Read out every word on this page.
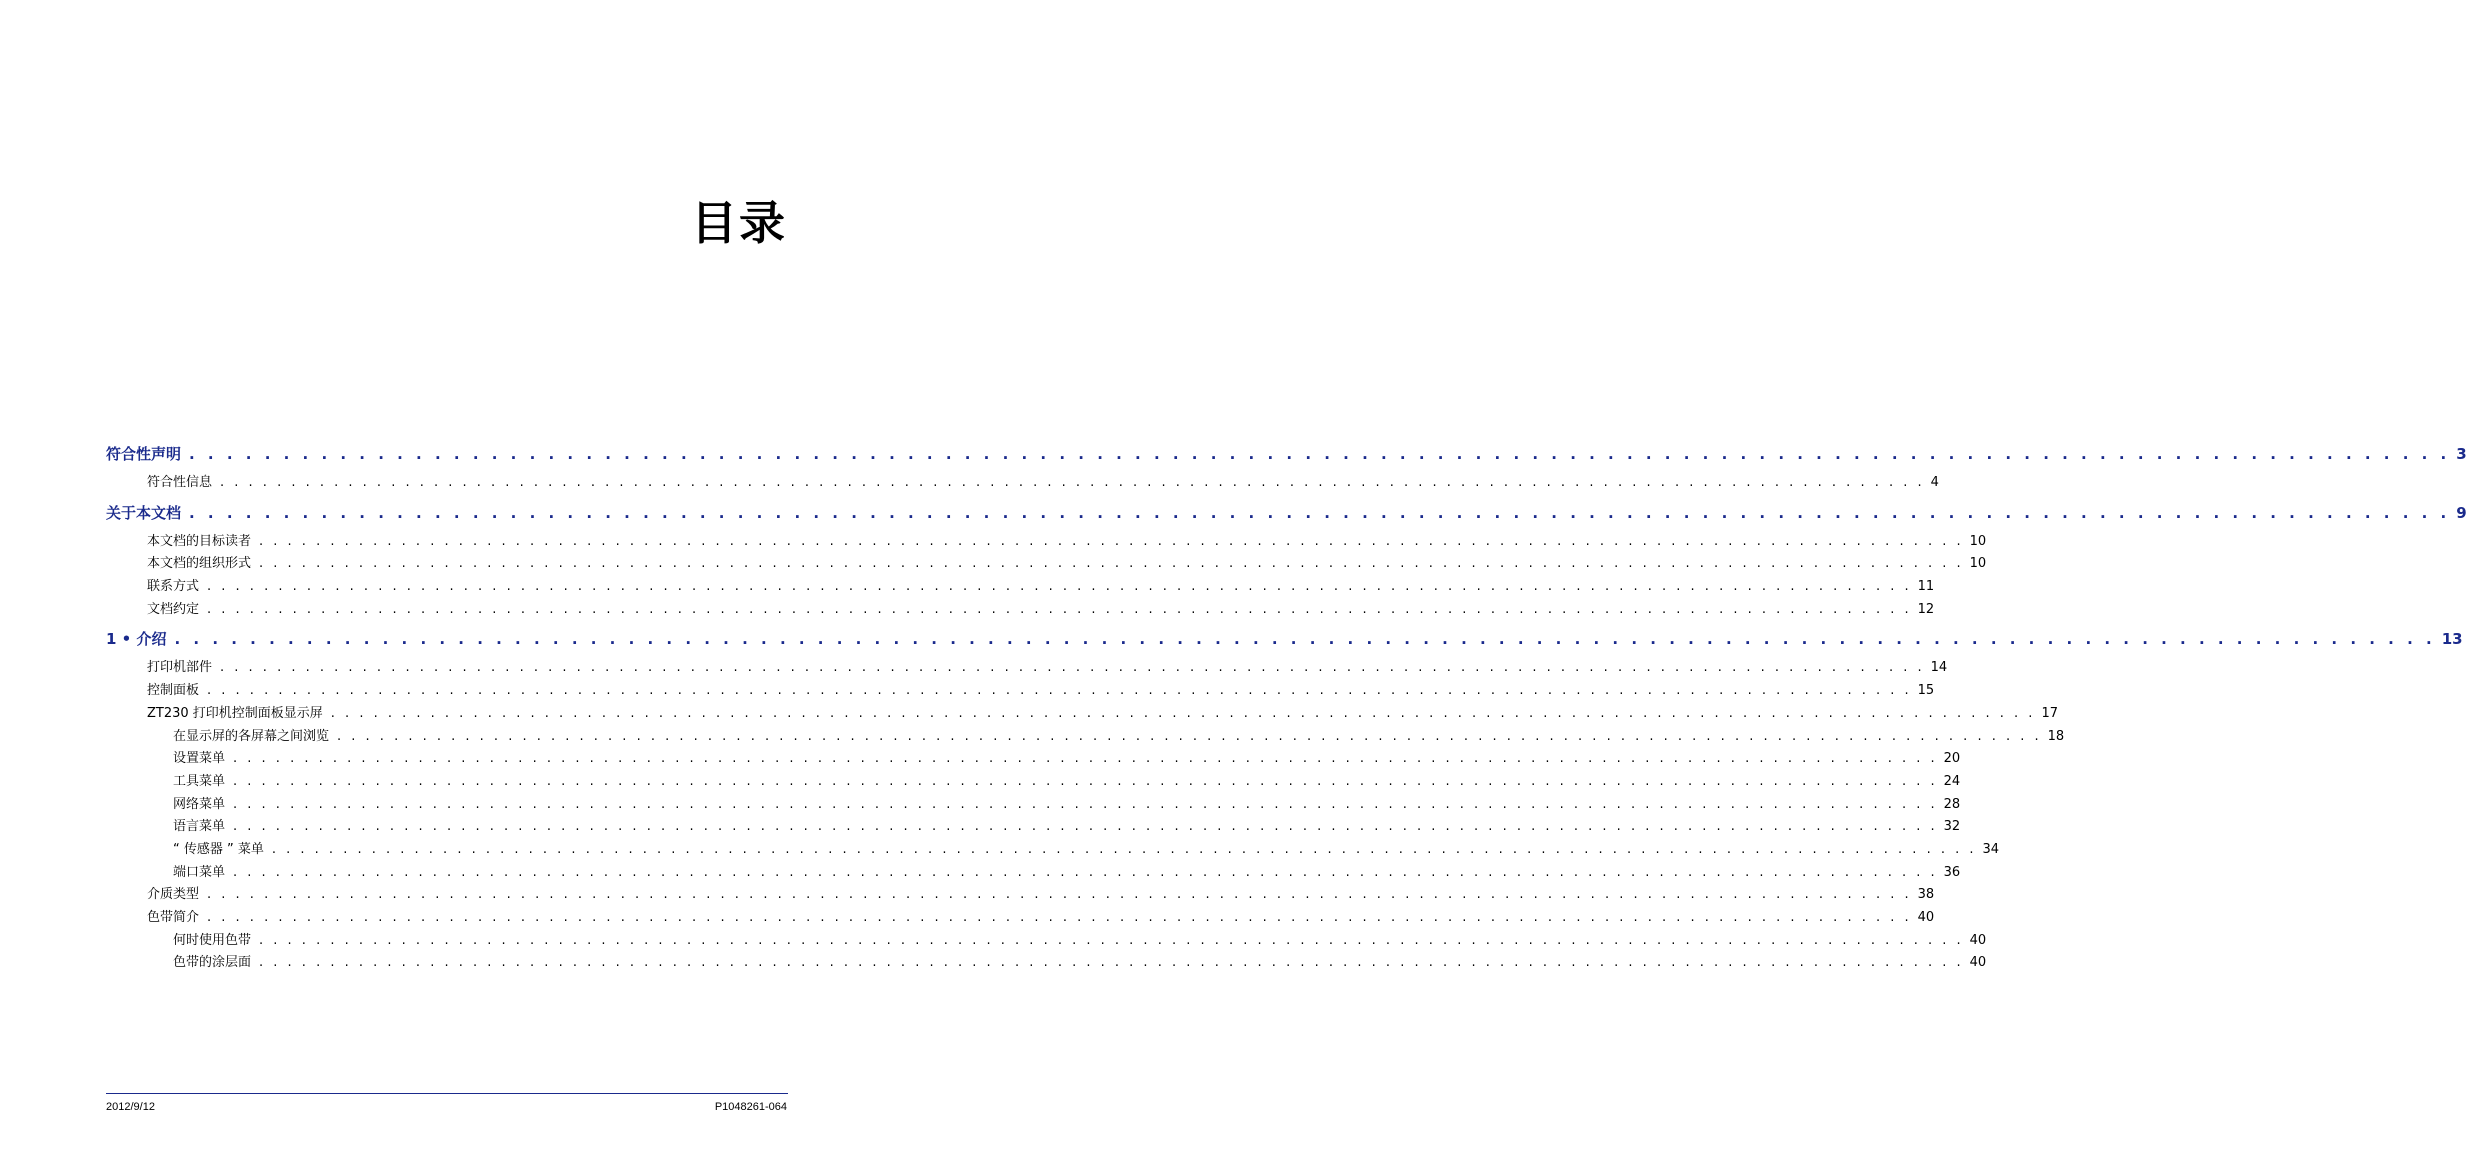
目录
符合性声明 . . . . . . . . . . . . . . . . . . . . . . . . . . . . . . . . . . . . . . . . . . . . . . . . . . . . . . . . . . . . . . . . . . . . . . . . . . . . . . . . . . . . . . . . . . . . . . . . . . . . . . . . . . . . . . . . . . . . . . . . 3
符合性信息 . . . . . . . . . . . . . . . . . . . . . . . . . . . . . . . . . . . . . . . . . . . . . . . . . . . . . . . . . . . . . . . . . . . . . . . . . . . . . . . . . . . . . . . . . . . . . . . . . . . . . . . . . . . . . . . . . . . . . . . . 4
关于本文档 . . . . . . . . . . . . . . . . . . . . . . . . . . . . . . . . . . . . . . . . . . . . . . . . . . . . . . . . . . . . . . . . . . . . . . . . . . . . . . . . . . . . . . . . . . . . . . . . . . . . . . . . . . . . . . . . . . . . . . . . 9
本文档的目标读者 . . . . . . . . . . . . . . . . . . . . . . . . . . . . . . . . . . . . . . . . . . . . . . . . . . . . . . . . . . . . . . . . . . . . . . . . . . . . . . . . . . . . . . . . . . . . . . . . . . . . . . . . . . . . . . . . . . . . . . . . 10
本文档的组织形式 . . . . . . . . . . . . . . . . . . . . . . . . . . . . . . . . . . . . . . . . . . . . . . . . . . . . . . . . . . . . . . . . . . . . . . . . . . . . . . . . . . . . . . . . . . . . . . . . . . . . . . . . . . . . . . . . . . . . . . . . 10
联系方式 . . . . . . . . . . . . . . . . . . . . . . . . . . . . . . . . . . . . . . . . . . . . . . . . . . . . . . . . . . . . . . . . . . . . . . . . . . . . . . . . . . . . . . . . . . . . . . . . . . . . . . . . . . . . . . . . . . . . . . . . 11
文档约定 . . . . . . . . . . . . . . . . . . . . . . . . . . . . . . . . . . . . . . . . . . . . . . . . . . . . . . . . . . . . . . . . . . . . . . . . . . . . . . . . . . . . . . . . . . . . . . . . . . . . . . . . . . . . . . . . . . . . . . . . 12
1 • 介绍 . . . . . . . . . . . . . . . . . . . . . . . . . . . . . . . . . . . . . . . . . . . . . . . . . . . . . . . . . . . . . . . . . . . . . . . . . . . . . . . . . . . . . . . . . . . . . . . . . . . . . . . . . . . . . . . . . . . . . . . . 13
打印机部件 . . . . . . . . . . . . . . . . . . . . . . . . . . . . . . . . . . . . . . . . . . . . . . . . . . . . . . . . . . . . . . . . . . . . . . . . . . . . . . . . . . . . . . . . . . . . . . . . . . . . . . . . . . . . . . . . . . . . . . . . 14
控制面板 . . . . . . . . . . . . . . . . . . . . . . . . . . . . . . . . . . . . . . . . . . . . . . . . . . . . . . . . . . . . . . . . . . . . . . . . . . . . . . . . . . . . . . . . . . . . . . . . . . . . . . . . . . . . . . . . . . . . . . . . 15
ZT230 打印机控制面板显示屏 . . . . . . . . . . . . . . . . . . . . . . . . . . . . . . . . . . . . . . . . . . . . . . . . . . . . . . . . . . . . . . . . . . . . . . . . . . . . . . . . . . . . . . . . . . . . . . . . . . . . . . . . . . . . . . . . . . . . . . . . 17
在显示屏的各屏幕之间浏览 . . . . . . . . . . . . . . . . . . . . . . . . . . . . . . . . . . . . . . . . . . . . . . . . . . . . . . . . . . . . . . . . . . . . . . . . . . . . . . . . . . . . . . . . . . . . . . . . . . . . . . . . . . . . . . . . . . . . . . . . 18
设置菜单 . . . . . . . . . . . . . . . . . . . . . . . . . . . . . . . . . . . . . . . . . . . . . . . . . . . . . . . . . . . . . . . . . . . . . . . . . . . . . . . . . . . . . . . . . . . . . . . . . . . . . . . . . . . . . . . . . . . . . . . . 20
工具菜单 . . . . . . . . . . . . . . . . . . . . . . . . . . . . . . . . . . . . . . . . . . . . . . . . . . . . . . . . . . . . . . . . . . . . . . . . . . . . . . . . . . . . . . . . . . . . . . . . . . . . . . . . . . . . . . . . . . . . . . . . 24
网络菜单 . . . . . . . . . . . . . . . . . . . . . . . . . . . . . . . . . . . . . . . . . . . . . . . . . . . . . . . . . . . . . . . . . . . . . . . . . . . . . . . . . . . . . . . . . . . . . . . . . . . . . . . . . . . . . . . . . . . . . . . . 28
语言菜单 . . . . . . . . . . . . . . . . . . . . . . . . . . . . . . . . . . . . . . . . . . . . . . . . . . . . . . . . . . . . . . . . . . . . . . . . . . . . . . . . . . . . . . . . . . . . . . . . . . . . . . . . . . . . . . . . . . . . . . . . 32
“ 传感器 ” 菜单 . . . . . . . . . . . . . . . . . . . . . . . . . . . . . . . . . . . . . . . . . . . . . . . . . . . . . . . . . . . . . . . . . . . . . . . . . . . . . . . . . . . . . . . . . . . . . . . . . . . . . . . . . . . . . . . . . . . . . . . . 34
端口菜单 . . . . . . . . . . . . . . . . . . . . . . . . . . . . . . . . . . . . . . . . . . . . . . . . . . . . . . . . . . . . . . . . . . . . . . . . . . . . . . . . . . . . . . . . . . . . . . . . . . . . . . . . . . . . . . . . . . . . . . . . 36
介质类型 . . . . . . . . . . . . . . . . . . . . . . . . . . . . . . . . . . . . . . . . . . . . . . . . . . . . . . . . . . . . . . . . . . . . . . . . . . . . . . . . . . . . . . . . . . . . . . . . . . . . . . . . . . . . . . . . . . . . . . . . 38
色带简介 . . . . . . . . . . . . . . . . . . . . . . . . . . . . . . . . . . . . . . . . . . . . . . . . . . . . . . . . . . . . . . . . . . . . . . . . . . . . . . . . . . . . . . . . . . . . . . . . . . . . . . . . . . . . . . . . . . . . . . . . 40
何时使用色带 . . . . . . . . . . . . . . . . . . . . . . . . . . . . . . . . . . . . . . . . . . . . . . . . . . . . . . . . . . . . . . . . . . . . . . . . . . . . . . . . . . . . . . . . . . . . . . . . . . . . . . . . . . . . . . . . . . . . . . . . 40
色带的涂层面 . . . . . . . . . . . . . . . . . . . . . . . . . . . . . . . . . . . . . . . . . . . . . . . . . . . . . . . . . . . . . . . . . . . . . . . . . . . . . . . . . . . . . . . . . . . . . . . . . . . . . . . . . . . . . . . . . . . . . . . . 40
2012/9/12	P1048261-064
